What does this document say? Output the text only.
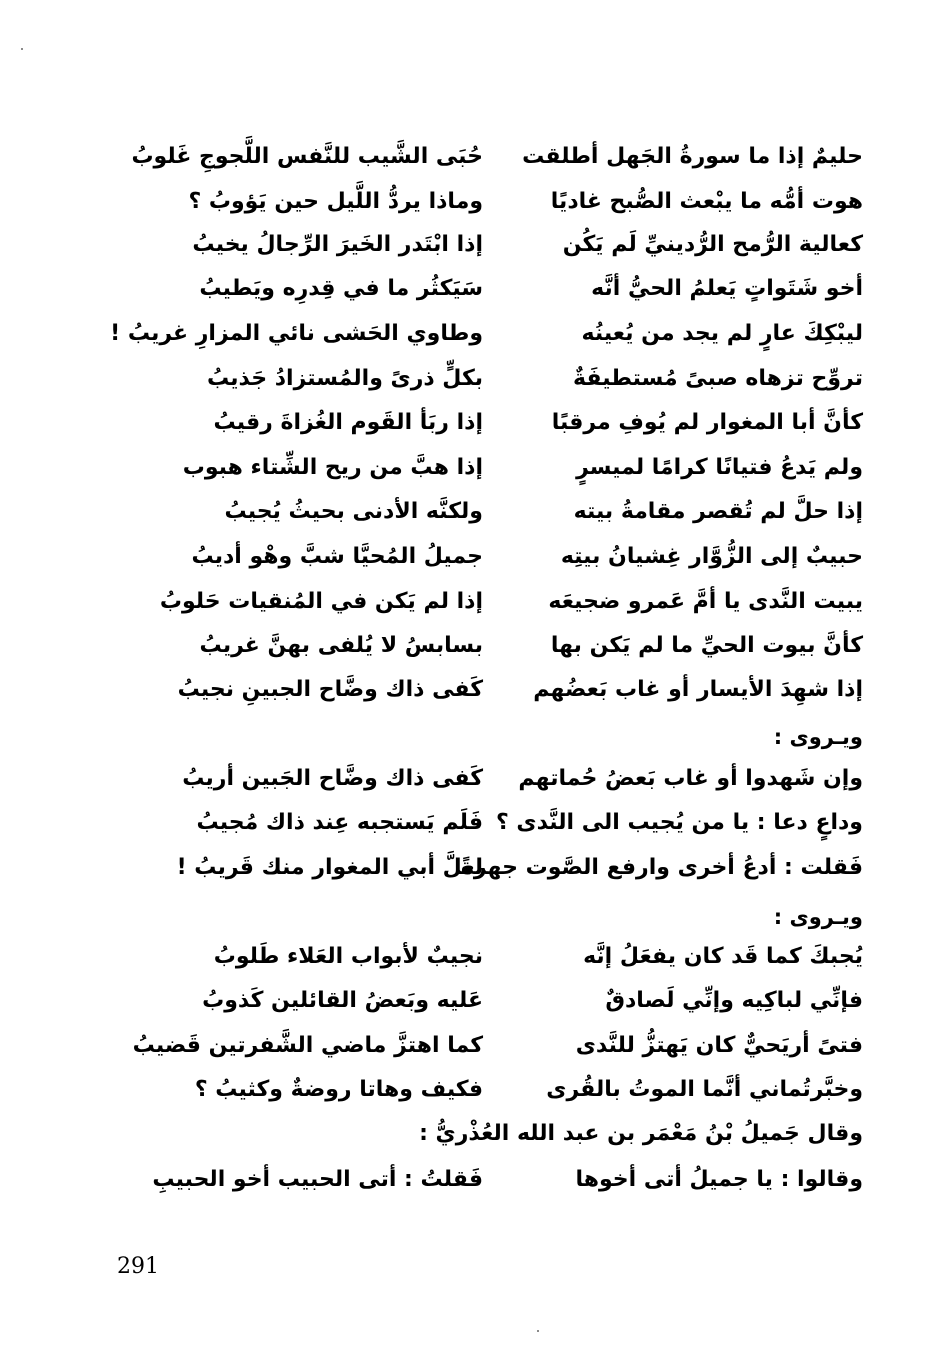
حليمٌ إذا ما سورةُ الجَهل أطلقت
هوت أمُّه ما يبْعث الصُّبح غاديًا
كعالية الرُّمح الرُّدينيِّ لَم يَكُن
أخو شَتَواتٍ يَعلمُ الحيُّ أنَّه
ليبْكِكَ عارٍ لم يجد من يُعينُه
تروِّح تزهاه صبىً مُستطيفَةٌ
كأنَّ أبا المغوار لم يُوفِ مرقبًا
ولم يَدعُ فتيانًا كرامًا لميسرٍ
إذا حلَّ لم تُقصر مقامةُ بيته
حبيبٌ إلى الزُّوَّار غِشيانُ بيتِه
يبيت النَّدى يا أمَّ عَمرو ضجيعَه
كأنَّ بيوت الحيِّ ما لم يَكن بها
إذا شهِدَ الأيسار أو غاب بَعضُهم
ويـروى :
وإن شَهدوا أو غاب بَعضُ حُماتهم
وداعٍ دعا : يا من يُجيب الى النَّدى ؟
فَقلت : أدعُ أخرى وارفع الصَّوت جهرةً
ويـروى :
يُجبكَ كما قَد كان يفعَلُ إنَّه
فإنِّي لباكِيه وإنِّي لَصادقٌ
فتىً أريَحيٌّ كان يَهتزُّ للنَّدى
وخبَّرتُماني أنَّما الموتُ بالقُرى
حُبَى الشَّيب للنَّفس اللَّجوجِ غَلوبُ
وماذا يردُّ اللَّيل حين يَؤوبُ ؟
إذا ابْتَدر الخَيرَ الرِّجالُ يخيبُ
سَيَكثُر ما في قِدرِه ويَطيبُ
وطاوي الحَشى نائي المزارِ غريبُ !
بكلٍّ ذرىً والمُستزادُ جَذيبُ
إذا ربَأ القَوم الغُزاةَ رقيبُ
إذا هبَّ من ريح الشِّتاء هبوب
ولكنَّه الأدنى بحيثُ يُجيبُ
جميلُ المُحيَّا شبَّ وهْو أديبُ
إذا لم يَكن في المُنقيات حَلوبُ
بسابسُ لا يُلفى بهنَّ غريبُ
كَفى ذاك وضَّاح الجبينِ نجيبُ
كَفى ذاك وضَّاح الجَبين أريبُ
فَلَم يَستجبه عِند ذاك مُجيبُ
لعلَّ أبي المغوار منك قَريبُ !
نجيبٌ لأبواب العَلاء طَلوبُ
عَليه وبَعضُ القائلين كَذوبُ
كما اهتزَّ ماضي الشَّفرتين قَضيبُ
فكيف وهاتا روضةٌ وكثيبُ ؟
وقال جَميلُ بْنُ مَعْمَر بن عبد الله العُذْريُّ :
وقالوا : يا جميلُ أتى أخوها
فَقلتُ : أتى الحبيب أخو الحبيبِ
291
